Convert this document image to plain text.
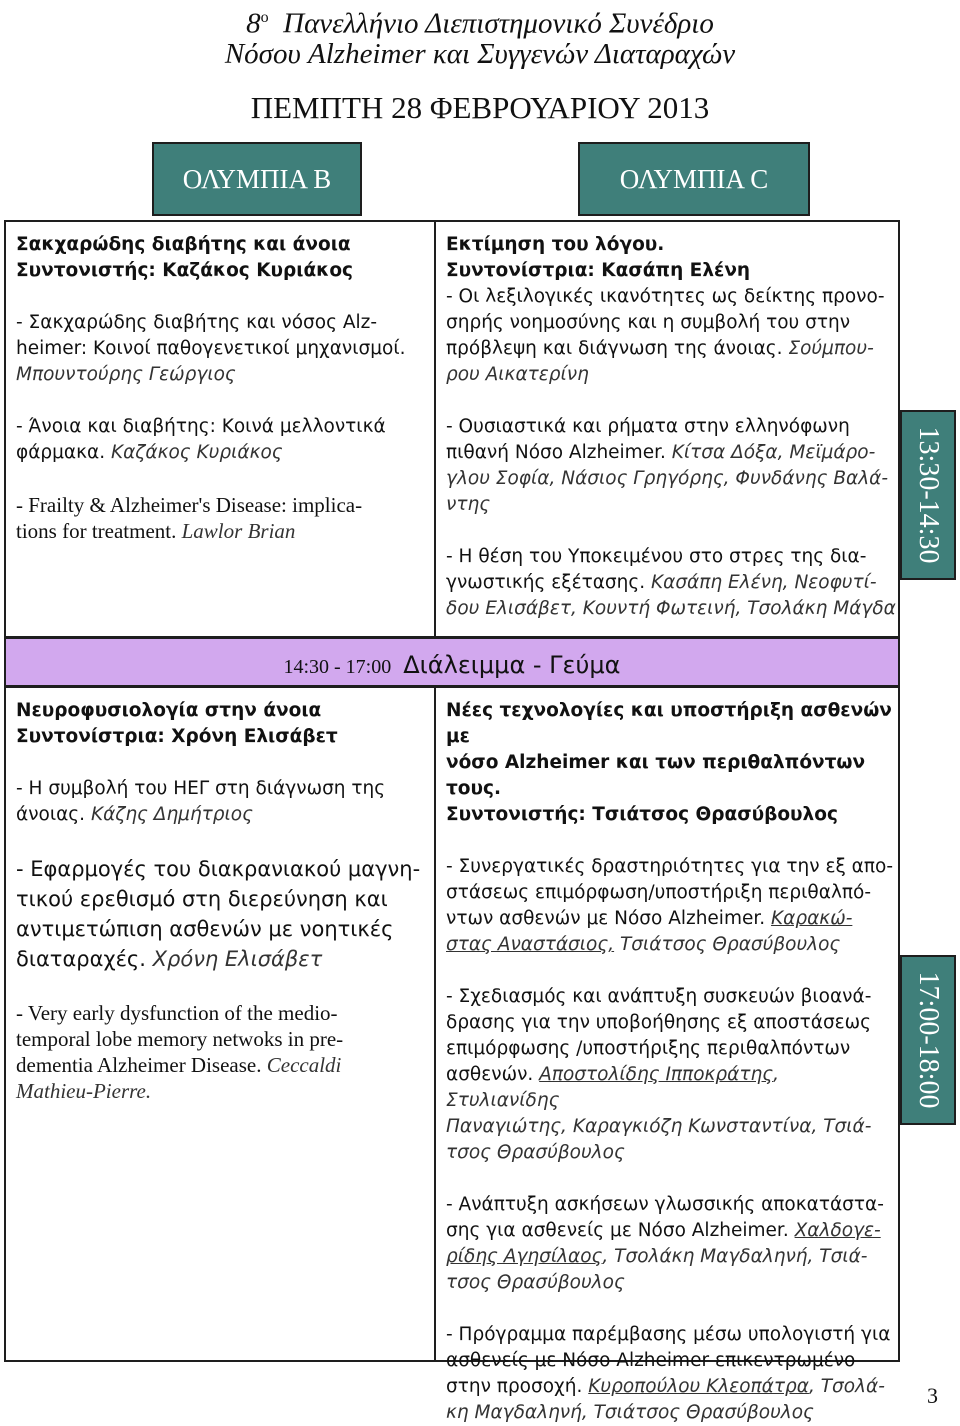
$8^o$ Πανελλήνιο Διεπιστημονικό Συνέδριο
Νόσου Alzheimer και Συγγενών Διαταραχών
ΠΕΜΠΤΗ 28 ΦΕΒΡΟΥΑΡΙΟΥ 2013
ΟΛΥΜΠΙΑ B	ΟΛΥΜΠΙΑ C

Σακχαρώδης διαβήτης και άνοια

Συντονιστής: Καζάκος Κυριάκος

- Σακχαρώδης διαβήτης και νόσος Alz-

heimer: Κοινοί παθογενετικοί μηχανισμοί.

Μπουντούρης Γεώργιος

- Άνοια και διαβήτης: Κοινά μελλοντικά

φάρμακα. Καζάκος Κυριάκος

- Frailty & Alzheimer's Disease: implica-

tions for treatment. Lawlor Brian

Εκτίμηση του λόγου.

Συντονίστρια: Κασάπη Ελένη

- Οι λεξιλογικές ικανότητες ως δείκτης προνο-

σηρής νοημοσύνης και η συμβολή του στην

πρόβλεψη και διάγνωση της άνοιας. Σούμπου-

ρου Αικατερίνη

- Ουσιαστικά και ρήματα στην ελληνόφωνη

πιθανή Νόσο Alzheimer. Κίτσα Δόξα, Μεϊμάρο-

γλου Σοφία, Νάσιος Γρηγόρης, Φυνδάνης Βαλά-

ντης

- Η θέση του Υποκειμένου στο στρες της δια-

γνωστικής εξέτασης. Κασάπη Ελένη, Νεοφυτί-

δου Ελισάβετ, Κουντή Φωτεινή, Τσολάκη Μάγδα

13:30-14:30
14:30 - 17:00 Διάλειμμα - Γεύμα

Νευροφυσιολογία στην άνοια

Συντονίστρια: Χρόνη Ελισάβετ

- Η συμβολή του ΗΕΓ στη διάγνωση της

άνοιας. Κάζης Δημήτριος

- Εφαρμογές του διακρανιακού μαγνη-

τικού ερεθισμό στη διερεύνηση και

αντιμετώπιση ασθενών με νοητικές

διαταραχές. Χρόνη Ελισάβετ

- Very early dysfunction of the medio-

temporal lobe memory netwoks in pre-

dementia Alzheimer Disease. Ceccaldi

Mathieu-Pierre.

Νέες τεχνολογίες και υποστήριξη ασθενών με

νόσο Alzheimer και των περιθαλπόντων τους.

Συντονιστής: Τσιάτσος Θρασύβουλος

- Συνεργατικές δραστηριότητες για την εξ απο-

στάσεως επιμόρφωση/υποστήριξη περιθαλπό-

ντων ασθενών με Νόσο Alzheimer. Καρακώ-

στας Αναστάσιος, Τσιάτσος Θρασύβουλος

- Σχεδιασμός και ανάπτυξη συσκευών βιοανά-

δρασης για την υποβοήθησης εξ αποστάσεως

επιμόρφωσης /υποστήριξης περιθαλπόντων

ασθενών. Αποστολίδης Ιπποκράτης, Στυλιανίδης

Παναγιώτης, Καραγκιόζη Κωνσταντίνα, Τσιά-

τσος Θρασύβουλος

- Ανάπτυξη ασκήσεων γλωσσικής αποκατάστα-

σης για ασθενείς με Νόσο Alzheimer. Χαλδογε-

ρίδης Αγησίλαος, Τσολάκη Μαγδαληνή, Τσιά-

τσος Θρασύβουλος

- Πρόγραμμα παρέμβασης μέσω υπολογιστή για

ασθενείς με Νόσο Alzheimer επικεντρωμένο

στην προσοχή. Κυροπούλου Κλεοπάτρα, Τσολά-

κη Μαγδαληνή, Τσιάτσος Θρασύβουλος

17:00-18:00
3
